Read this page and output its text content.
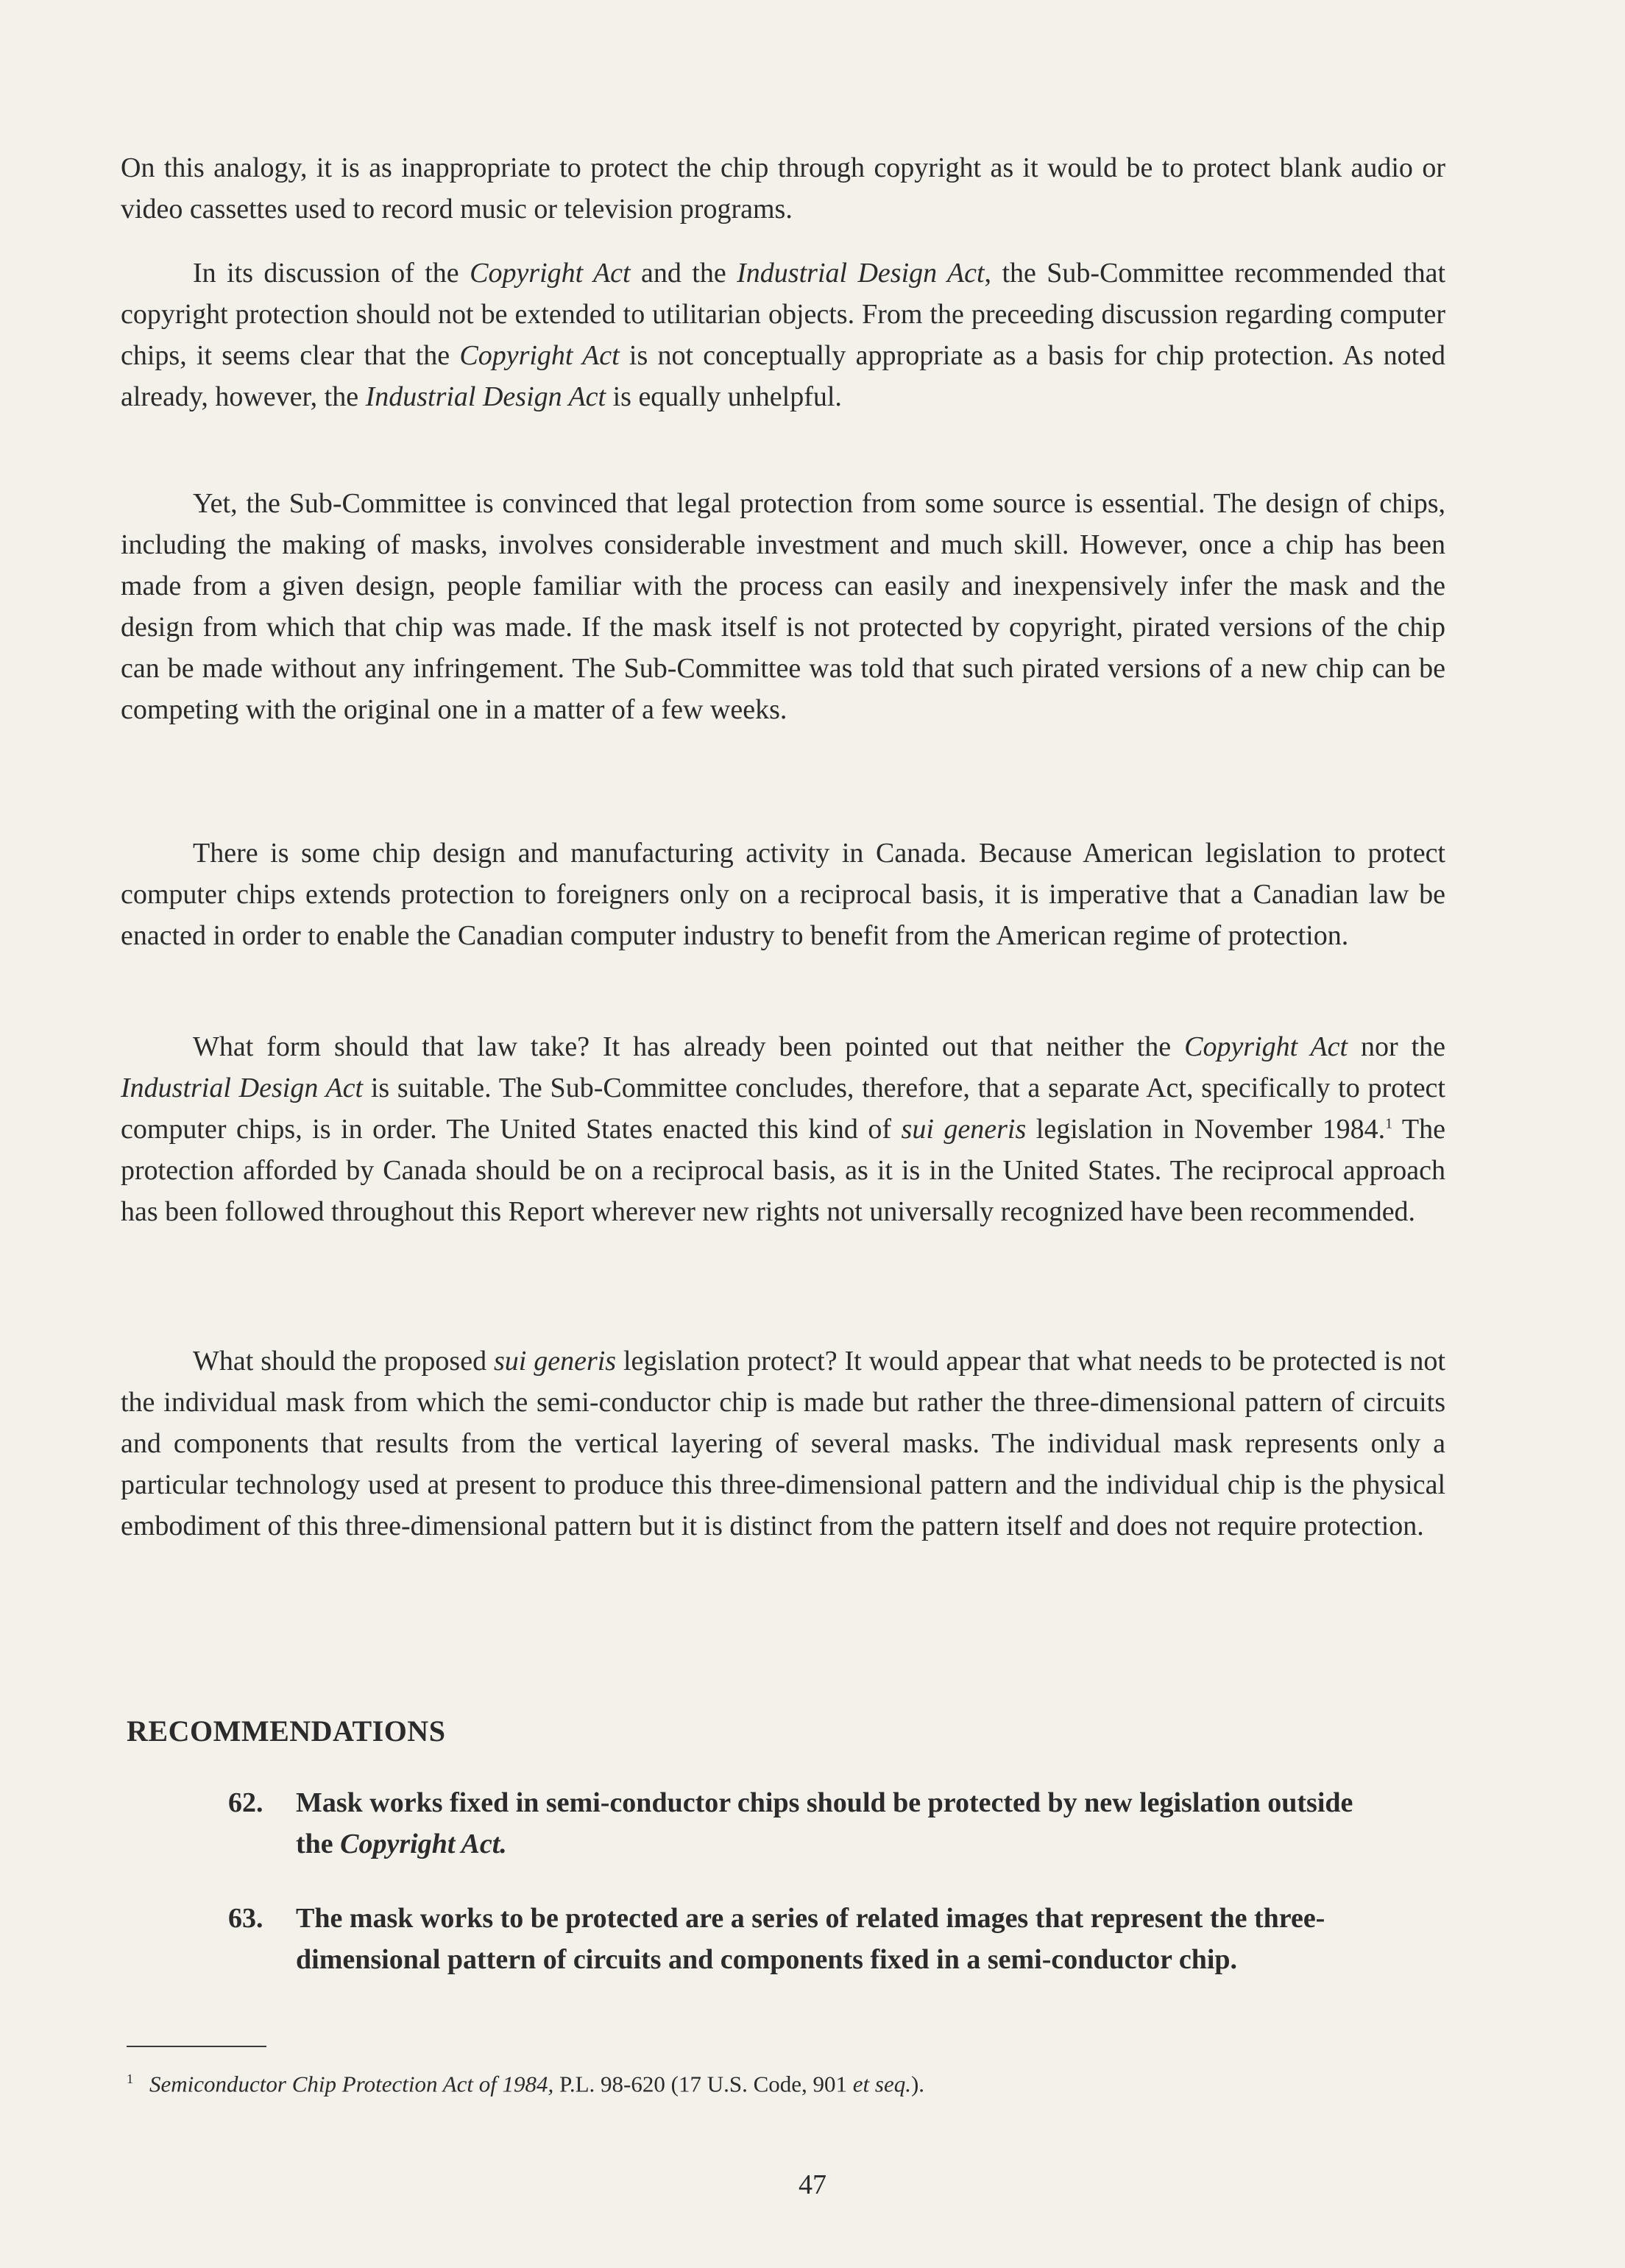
On this analogy, it is as inappropriate to protect the chip through copyright as it would be to protect blank audio or video cassettes used to record music or television programs.

In its discussion of the Copyright Act and the Industrial Design Act, the Sub-Committee recommended that copyright protection should not be extended to utilitarian objects. From the preceeding discussion regarding computer chips, it seems clear that the Copyright Act is not conceptually appropriate as a basis for chip protection. As noted already, however, the Industrial Design Act is equally unhelpful.

Yet, the Sub-Committee is convinced that legal protection from some source is essential. The design of chips, including the making of masks, involves considerable investment and much skill. However, once a chip has been made from a given design, people familiar with the process can easily and inexpensively infer the mask and the design from which that chip was made. If the mask itself is not protected by copyright, pirated versions of the chip can be made without any infringement. The Sub-Committee was told that such pirated versions of a new chip can be competing with the original one in a matter of a few weeks.

There is some chip design and manufacturing activity in Canada. Because American legislation to protect computer chips extends protection to foreigners only on a reciprocal basis, it is imperative that a Canadian law be enacted in order to enable the Canadian computer industry to benefit from the American regime of protection.

What form should that law take? It has already been pointed out that neither the Copyright Act nor the Industrial Design Act is suitable. The Sub-Committee concludes, therefore, that a separate Act, specifically to protect computer chips, is in order. The United States enacted this kind of sui generis legislation in November 1984.$^1$ The protection afforded by Canada should be on a reciprocal basis, as it is in the United States. The reciprocal approach has been followed throughout this Report wherever new rights not universally recognized have been recommended.

What should the proposed sui generis legislation protect? It would appear that what needs to be protected is not the individual mask from which the semi-conductor chip is made but rather the three-dimensional pattern of circuits and components that results from the vertical layering of several masks. The individual mask represents only a particular technology used at present to produce this three-dimensional pattern and the individual chip is the physical embodiment of this three-dimensional pattern but it is distinct from the pattern itself and does not require protection.

RECOMMENDATIONS
62. Mask works fixed in semi-conductor chips should be protected by new legislation outside the Copyright Act.
63. The mask works to be protected are a series of related images that represent the three-dimensional pattern of circuits and components fixed in a semi-conductor chip.

$^1$ Semiconductor Chip Protection Act of 1984, P.L. 98-620 (17 U.S. Code, 901 et seq.).

47
